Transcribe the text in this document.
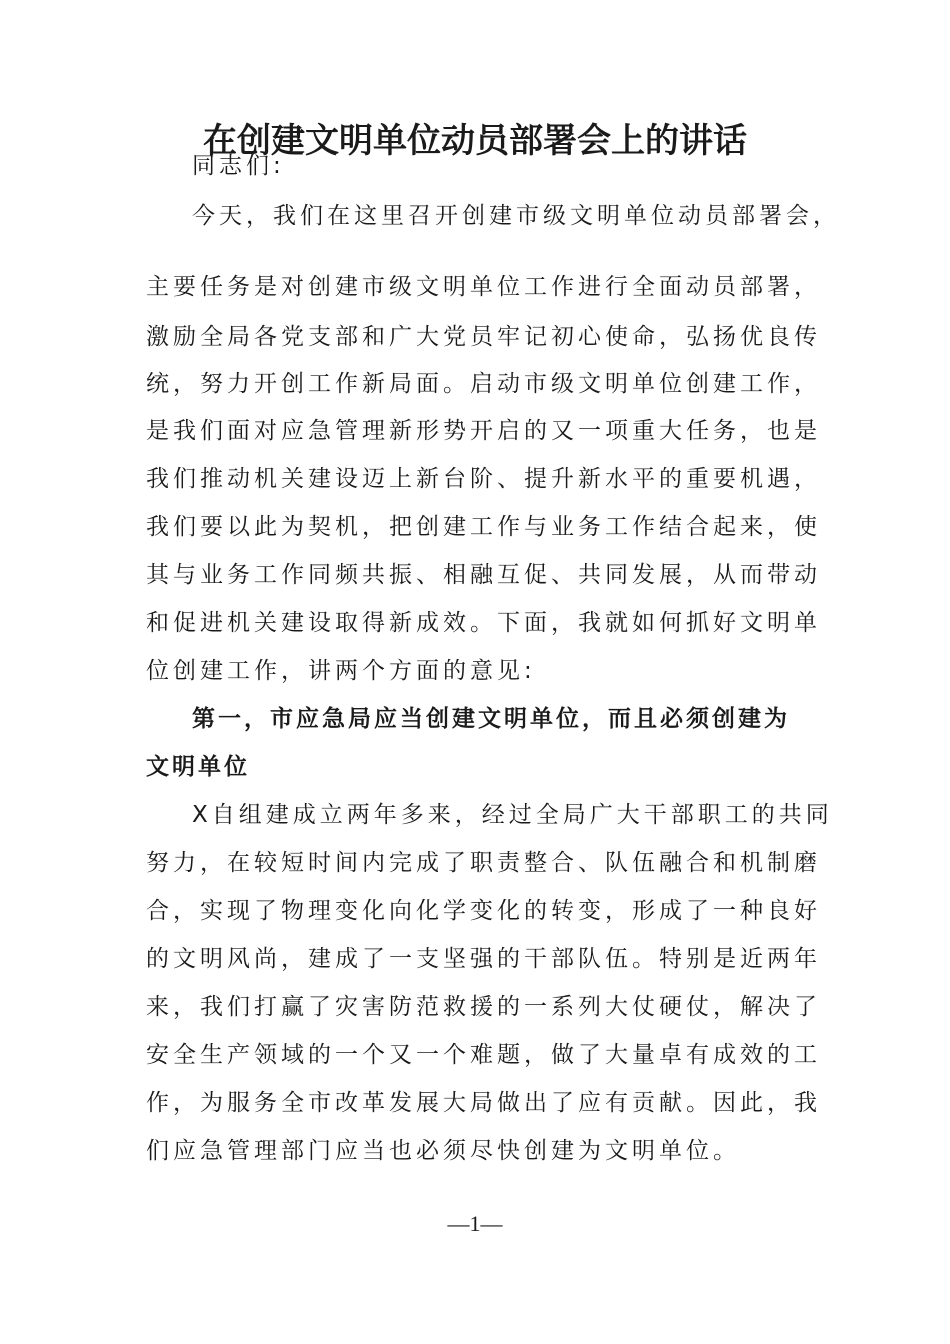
在创建文明单位动员部署会上的讲话

同志们:

今天，我们在这里召开创建市级文明单位动员部署会，

主要任务是对创建市级文明单位工作进行全面动员部署，

激励全局各党支部和广大党员牢记初心使命，弘扬优良传

统，努力开创工作新局面。启动市级文明单位创建工作，

是我们面对应急管理新形势开启的又一项重大任务，也是

我们推动机关建设迈上新台阶、提升新水平的重要机遇，

我们要以此为契机，把创建工作与业务工作结合起来，使

其与业务工作同频共振、相融互促、共同发展，从而带动

和促进机关建设取得新成效。下面，我就如何抓好文明单

位创建工作，讲两个方面的意见:

第一，市应急局应当创建文明单位，而且必须创建为

文明单位

X自组建成立两年多来，经过全局广大干部职工的共同

努力，在较短时间内完成了职责整合、队伍融合和机制磨

合，实现了物理变化向化学变化的转变，形成了一种良好

的文明风尚，建成了一支坚强的干部队伍。特别是近两年

来，我们打赢了灾害防范救援的一系列大仗硬仗，解决了

安全生产领域的一个又一个难题，做了大量卓有成效的工

作，为服务全市改革发展大局做出了应有贡献。因此，我

们应急管理部门应当也必须尽快创建为文明单位。

—1—
